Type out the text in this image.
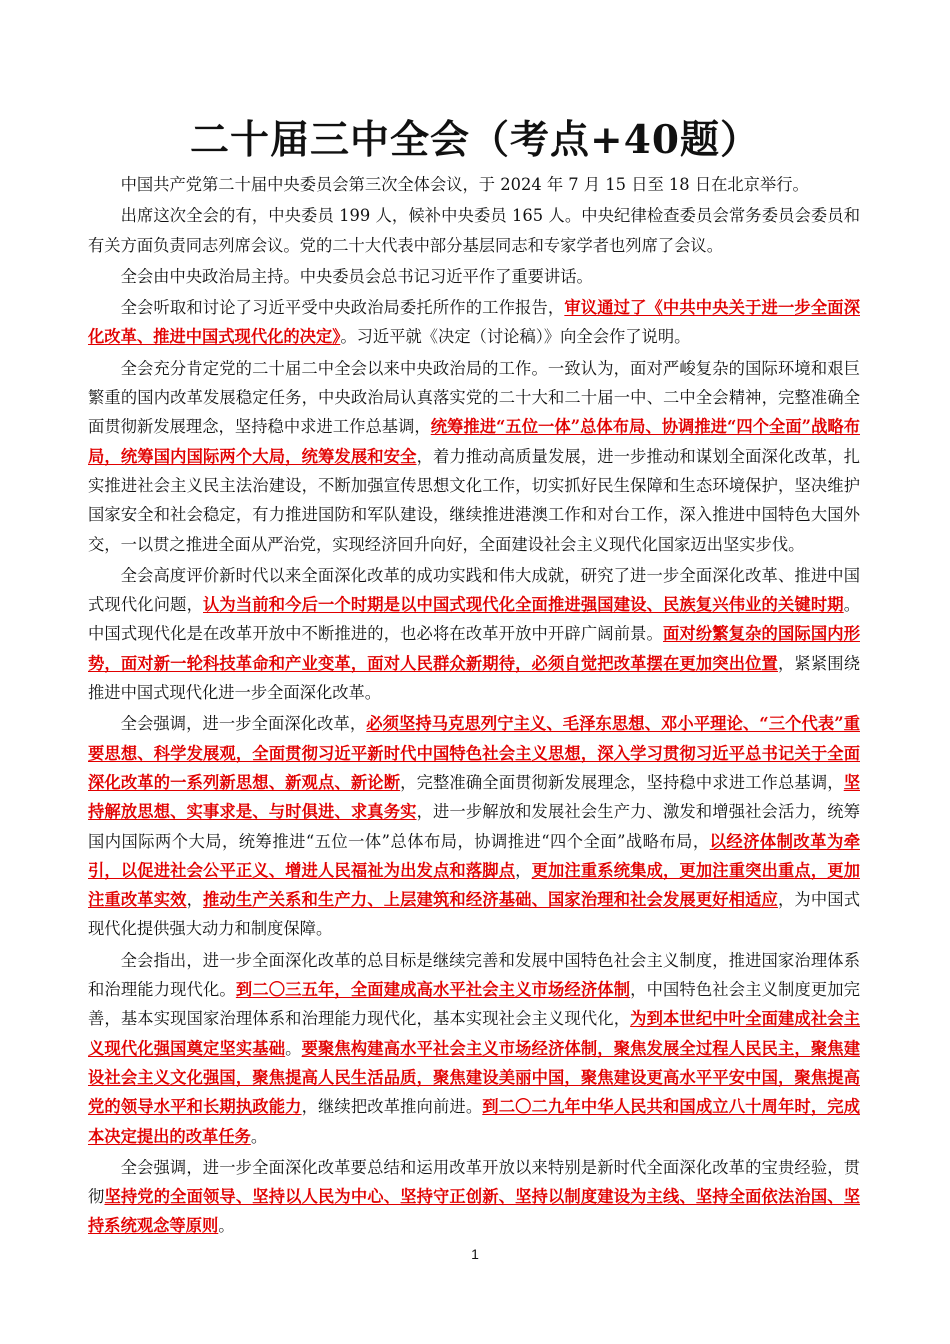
二十届三中全会（考点+40题）

中国共产党第二十届中央委员会第三次全体会议，于 2024 年 7 月 15 日至 18 日在北京举行。

出席这次全会的有，中央委员 199 人，候补中央委员 165 人。中央纪律检查委员会常务委员会委员和有关方面负责同志列席会议。党的二十大代表中部分基层同志和专家学者也列席了会议。

全会由中央政治局主持。中央委员会总书记习近平作了重要讲话。

全会听取和讨论了习近平受中央政治局委托所作的工作报告，审议通过了《中共中央关于进一步全面深化改革、推进中国式现代化的决定》。习近平就《决定（讨论稿）》向全会作了说明。

全会充分肯定党的二十届二中全会以来中央政治局的工作。一致认为，面对严峻复杂的国际环境和艰巨繁重的国内改革发展稳定任务，中央政治局认真落实党的二十大和二十届一中、二中全会精神，完整准确全面贯彻新发展理念，坚持稳中求进工作总基调，统筹推进“五位一体”总体布局、协调推进“四个全面”战略布局，统筹国内国际两个大局，统筹发展和安全，着力推动高质量发展，进一步推动和谋划全面深化改革，扎实推进社会主义民主法治建设，不断加强宣传思想文化工作，切实抓好民生保障和生态环境保护，坚决维护国家安全和社会稳定，有力推进国防和军队建设，继续推进港澳工作和对台工作，深入推进中国特色大国外交，一以贯之推进全面从严治党，实现经济回升向好，全面建设社会主义现代化国家迈出坚实步伐。

全会高度评价新时代以来全面深化改革的成功实践和伟大成就，研究了进一步全面深化改革、推进中国式现代化问题，认为当前和今后一个时期是以中国式现代化全面推进强国建设、民族复兴伟业的关键时期。中国式现代化是在改革开放中不断推进的，也必将在改革开放中开辟广阔前景。面对纷繁复杂的国际国内形势，面对新一轮科技革命和产业变革，面对人民群众新期待，必须自觉把改革摆在更加突出位置，紧紧围绕推进中国式现代化进一步全面深化改革。

全会强调，进一步全面深化改革，必须坚持马克思列宁主义、毛泽东思想、邓小平理论、“三个代表”重要思想、科学发展观，全面贯彻习近平新时代中国特色社会主义思想，深入学习贯彻习近平总书记关于全面深化改革的一系列新思想、新观点、新论断，完整准确全面贯彻新发展理念，坚持稳中求进工作总基调，坚持解放思想、实事求是、与时俱进、求真务实，进一步解放和发展社会生产力、激发和增强社会活力，统筹国内国际两个大局，统筹推进“五位一体”总体布局，协调推进“四个全面”战略布局，以经济体制改革为牵引，以促进社会公平正义、增进人民福祉为出发点和落脚点，更加注重系统集成，更加注重突出重点，更加注重改革实效，推动生产关系和生产力、上层建筑和经济基础、国家治理和社会发展更好相适应，为中国式现代化提供强大动力和制度保障。

全会指出，进一步全面深化改革的总目标是继续完善和发展中国特色社会主义制度，推进国家治理体系和治理能力现代化。到二〇三五年，全面建成高水平社会主义市场经济体制，中国特色社会主义制度更加完善，基本实现国家治理体系和治理能力现代化，基本实现社会主义现代化，为到本世纪中叶全面建成社会主义现代化强国奠定坚实基础。要聚焦构建高水平社会主义市场经济体制，聚焦发展全过程人民民主，聚焦建设社会主义文化强国，聚焦提高人民生活品质，聚焦建设美丽中国，聚焦建设更高水平平安中国，聚焦提高党的领导水平和长期执政能力，继续把改革推向前进。到二〇二九年中华人民共和国成立八十周年时，完成本决定提出的改革任务。

全会强调，进一步全面深化改革要总结和运用改革开放以来特别是新时代全面深化改革的宝贵经验，贯彻坚持党的全面领导、坚持以人民为中心、坚持守正创新、坚持以制度建设为主线、坚持全面依法治国、坚持系统观念等原则。

1
